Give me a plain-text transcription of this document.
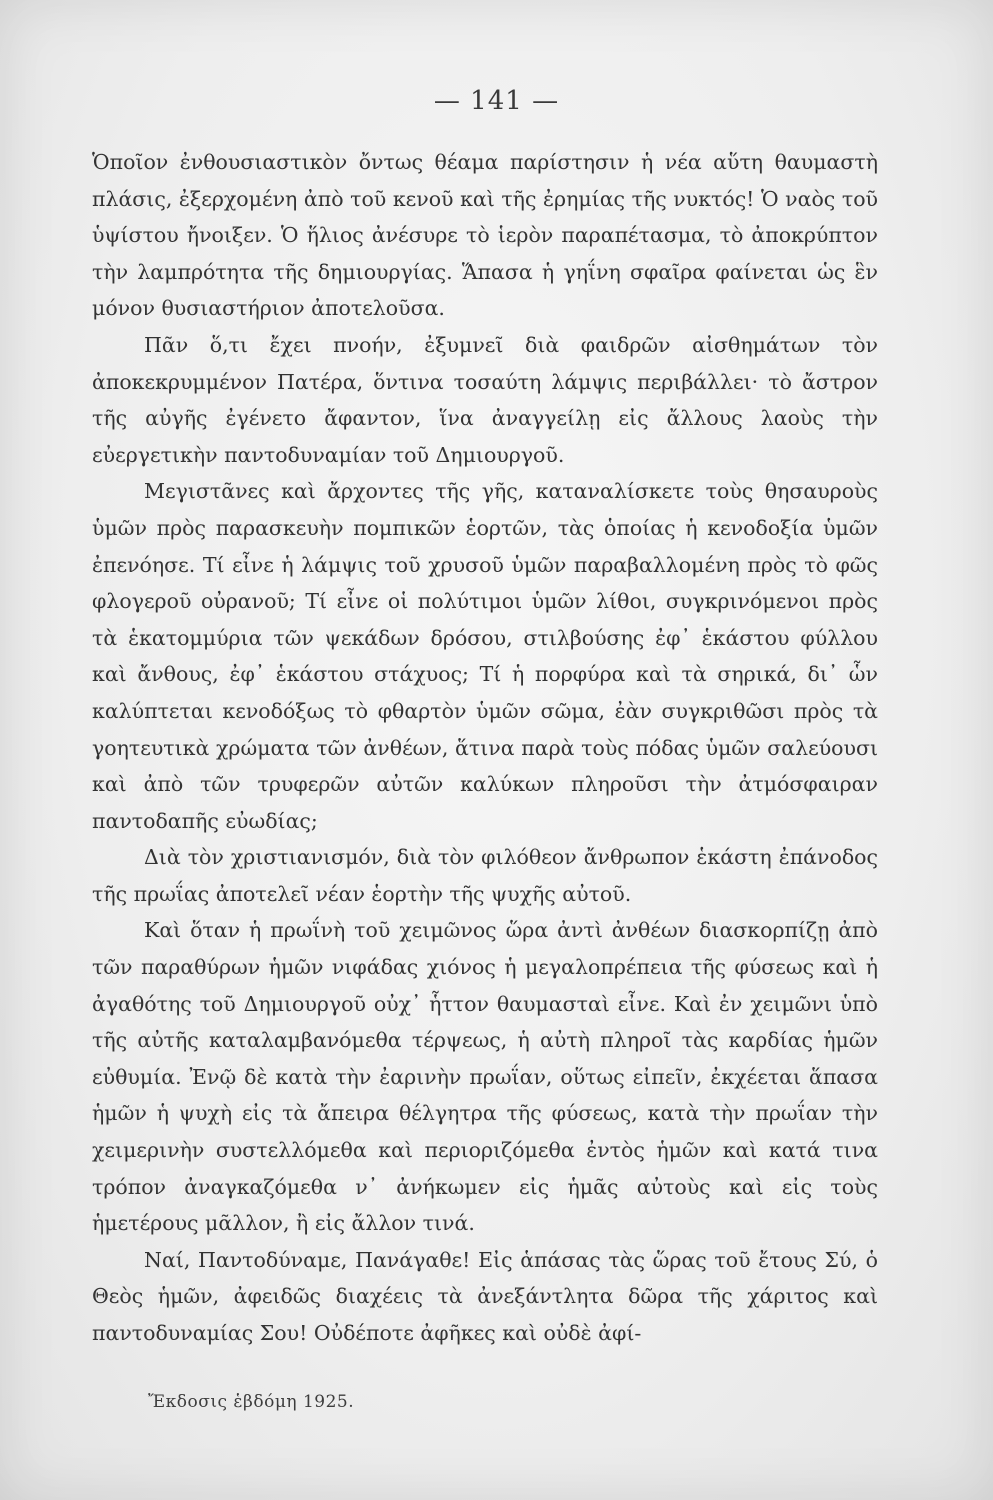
— 141 —

Ὁποῖον ἐνθουσιαστικὸν ὄντως θέαμα παρίστησιν ἡ νέα αὕτη θαυμαστὴ πλάσις, ἐξερχομένη ἀπὸ τοῦ κενοῦ καὶ τῆς ἐρημίας τῆς νυκτός! Ὁ ναὸς τοῦ ὑψίστου ἤνοιξεν. Ὁ ἥλιος ἀνέσυρε τὸ ἱερὸν παραπέτασμα, τὸ ἀποκρύπτον τὴν λαμπρότητα τῆς δημιουργίας. Ἅπασα ἡ γηΐνη σφαῖρα φαίνεται ὡς ἓν μόνον θυσιαστήριον ἀποτελοῦσα.

Πᾶν ὅ,τι ἔχει πνοήν, ἐξυμνεῖ διὰ φαιδρῶν αἰσθημάτων τὸν ἀποκεκρυμμένον Πατέρα, ὅντινα τοσαύτη λάμψις περιβάλλει· τὸ ἄστρον τῆς αὐγῆς ἐγένετο ἄφαντον, ἵνα ἀναγγείλῃ εἰς ἄλλους λαοὺς τὴν εὐεργετικὴν παντοδυναμίαν τοῦ Δημιουργοῦ.

Μεγιστᾶνες καὶ ἄρχοντες τῆς γῆς, καταναλίσκετε τοὺς θησαυροὺς ὑμῶν πρὸς παρασκευὴν πομπικῶν ἑορτῶν, τὰς ὁποίας ἡ κενοδοξία ὑμῶν ἐπενόησε. Τί εἶνε ἡ λάμψις τοῦ χρυσοῦ ὑμῶν παραβαλλομένη πρὸς τὸ φῶς φλογεροῦ οὐρανοῦ; Τί εἶνε οἱ πολύτιμοι ὑμῶν λίθοι, συγκρινόμενοι πρὸς τὰ ἑκατομμύρια τῶν ψεκάδων δρόσου, στιλβούσης ἐφ᾽ ἑκάστου φύλλου καὶ ἄνθους, ἐφ᾽ ἑκάστου στάχυος; Τί ἡ πορφύρα καὶ τὰ σηρικά, δι᾽ ὧν καλύπτεται κενοδόξως τὸ φθαρτὸν ὑμῶν σῶμα, ἐὰν συγκριθῶσι πρὸς τὰ γοητευτικὰ χρώματα τῶν ἀνθέων, ἅτινα παρὰ τοὺς πόδας ὑμῶν σαλεύουσι καὶ ἀπὸ τῶν τρυφερῶν αὐτῶν καλύκων πληροῦσι τὴν ἀτμόσφαιραν παντοδαπῆς εὐωδίας;

Διὰ τὸν χριστιανισμόν, διὰ τὸν φιλόθεον ἄνθρωπον ἑκάστη ἐπάνοδος τῆς πρωΐας ἀποτελεῖ νέαν ἑορτὴν τῆς ψυχῆς αὐτοῦ.

Καὶ ὅταν ἡ πρωΐνὴ τοῦ χειμῶνος ὥρα ἀντὶ ἀνθέων διασκορπίζῃ ἀπὸ τῶν παραθύρων ἡμῶν νιφάδας χιόνος ἡ μεγαλοπρέπεια τῆς φύσεως καὶ ἡ ἀγαθότης τοῦ Δημιουργοῦ οὐχ᾽ ἧττον θαυμασταὶ εἶνε. Καὶ ἐν χειμῶνι ὑπὸ τῆς αὐτῆς καταλαμβανόμεθα τέρψεως, ἡ αὐτὴ πληροῖ τὰς καρδίας ἡμῶν εὐθυμία. Ἐνῷ δὲ κατὰ τὴν ἐαρινὴν πρωΐαν, οὕτως εἰπεῖν, ἐκχέεται ἅπασα ἡμῶν ἡ ψυχὴ εἰς τὰ ἄπειρα θέλγητρα τῆς φύσεως, κατὰ τὴν πρωΐαν τὴν χειμερινὴν συστελλόμεθα καὶ περιοριζόμεθα ἐντὸς ἡμῶν καὶ κατά τινα τρόπον ἀναγκαζόμεθα ν᾽ ἀνήκωμεν εἰς ἡμᾶς αὐτοὺς καὶ εἰς τοὺς ἡμετέρους μᾶλλον, ἢ εἰς ἄλλον τινά.

Ναί, Παντοδύναμε, Πανάγαθε! Εἰς ἁπάσας τὰς ὥρας τοῦ ἔτους Σύ, ὁ Θεὸς ἡμῶν, ἀφειδῶς διαχέεις τὰ ἀνεξάντλητα δῶρα τῆς χάριτος καὶ παντοδυναμίας Σου! Οὐδέποτε ἀφῆκες καὶ οὐδὲ ἀφί-

Ἔκδοσις ἑβδόμη 1925.
